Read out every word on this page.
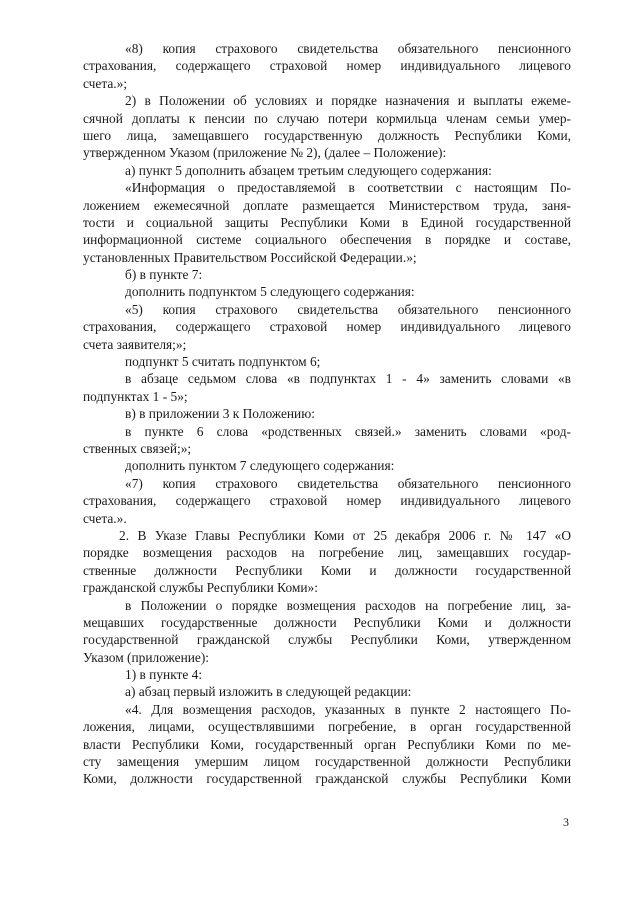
«8) копия страхового свидетельства обязательного пенсионного
страхования, содержащего страховой номер индивидуального лицевого
счета.»;
2) в Положении об условиях и порядке назначения и выплаты ежеме-
сячной доплаты к пенсии по случаю потери кормильца членам семьи умер-
шего лица, замещавшего государственную должность Республики Коми,
утвержденном Указом (приложение № 2), (далее – Положение):
а) пункт 5 дополнить абзацем третьим следующего содержания:
«Информация о предоставляемой в соответствии с настоящим По-
ложением ежемесячной доплате размещается Министерством труда, заня-
тости и социальной защиты Республики Коми в Единой государственной
информационной системе социального обеспечения в порядке и составе,
установленных Правительством Российской Федерации.»;
б) в пункте 7:
дополнить подпунктом 5 следующего содержания:
«5) копия страхового свидетельства обязательного пенсионного
страхования, содержащего страховой номер индивидуального лицевого
счета заявителя;»;
подпункт 5 считать подпунктом 6;
в абзаце седьмом слова «в подпунктах 1 - 4» заменить словами «в
подпунктах 1 - 5»;
в) в приложении 3 к Положению:
в пункте 6 слова «родственных связей.» заменить словами «род-
ственных связей;»;
дополнить пунктом 7 следующего содержания:
«7) копия страхового свидетельства обязательного пенсионного
страхования, содержащего страховой номер индивидуального лицевого
счета.».
2. В Указе Главы Республики Коми от 25 декабря 2006 г. № 147 «О
порядке возмещения расходов на погребение лиц, замещавших государ-
ственные должности Республики Коми и должности государственной
гражданской службы Республики Коми»:
в Положении о порядке возмещения расходов на погребение лиц, за-
мещавших государственные должности Республики Коми и должности
государственной гражданской службы Республики Коми, утвержденном
Указом (приложение):
1) в пункте 4:
а) абзац первый изложить в следующей редакции:
«4. Для возмещения расходов, указанных в пункте 2 настоящего По-
ложения, лицами, осуществлявшими погребение, в орган государственной
власти Республики Коми, государственный орган Республики Коми по ме-
сту замещения умершим лицом государственной должности Республики
Коми, должности государственной гражданской службы Республики Коми
3
